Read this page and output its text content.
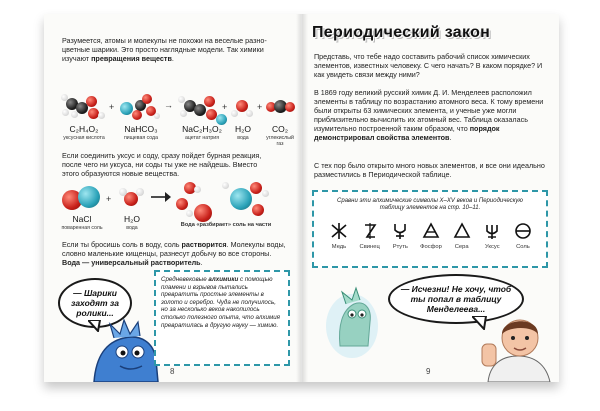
Разумеется, атомы и молекулы не похожи на веселые разно-
цветные шарики. Это просто наглядные модели. Так химики
изучают превращения веществ.
+	→	+	+
C₂H₄O₂
уксусная кислота
NaHCO₃
пищевая сода
NaC₂H₃O₂
ацетат натрия
H₂O
вода
CO₂
углекислый газ
Если соединить уксус и соду, сразу пойдет бурная реакция,
после чего ни уксуса, ни соды ты уже не найдешь. Вместо
этого образуются новые вещества.
+
NaCl
поваренная соль
H₂O
вода	Вода «разбирает» соль на части
Если ты бросишь соль в воду, соль растворится. Молекулы воды, словно маленькие кищенцы, разнесут добычу во все стороны. Вода — универсальный растворитель.
— Шарики заходят за ролики...
Средневековые алхимики с помощью пламени и взрывов пытались превратить простые элементы в золото и серебро. Чуда не получилось, но за несколько веков накопилось столько полезного опыта, что алхимия превратилась в другую науку — химию.
8
Периодический закон
Представь, что тебе надо составить рабочий список химических элементов, известных человеку. С чего начать? В каком порядке? И как увидеть связи между ними?
В 1869 году великий русский химик Д. И. Менделеев расположил элементы в таблицу по возрастанию атомного веса. К тому времени были открыты 63 химических элемента, и ученые уже могли приблизительно вычислить их атомный вес. Таблица оказалась изумительно построенной таким образом, что порядок демонстрировал свойства элементов.
С тех пор было открыто много новых элементов, и все они идеально разместились в Периодической таблице.
Сравни эти алхимические символы X–XV веков и Периодическую таблицу элементов на стр. 10–11.
Медь	Свинец	Ртуть	Фосфор	Сера	Уксус	Соль
— Исчезни! Не хочу, чтоб ты попал в таблицу Менделеева...
9
